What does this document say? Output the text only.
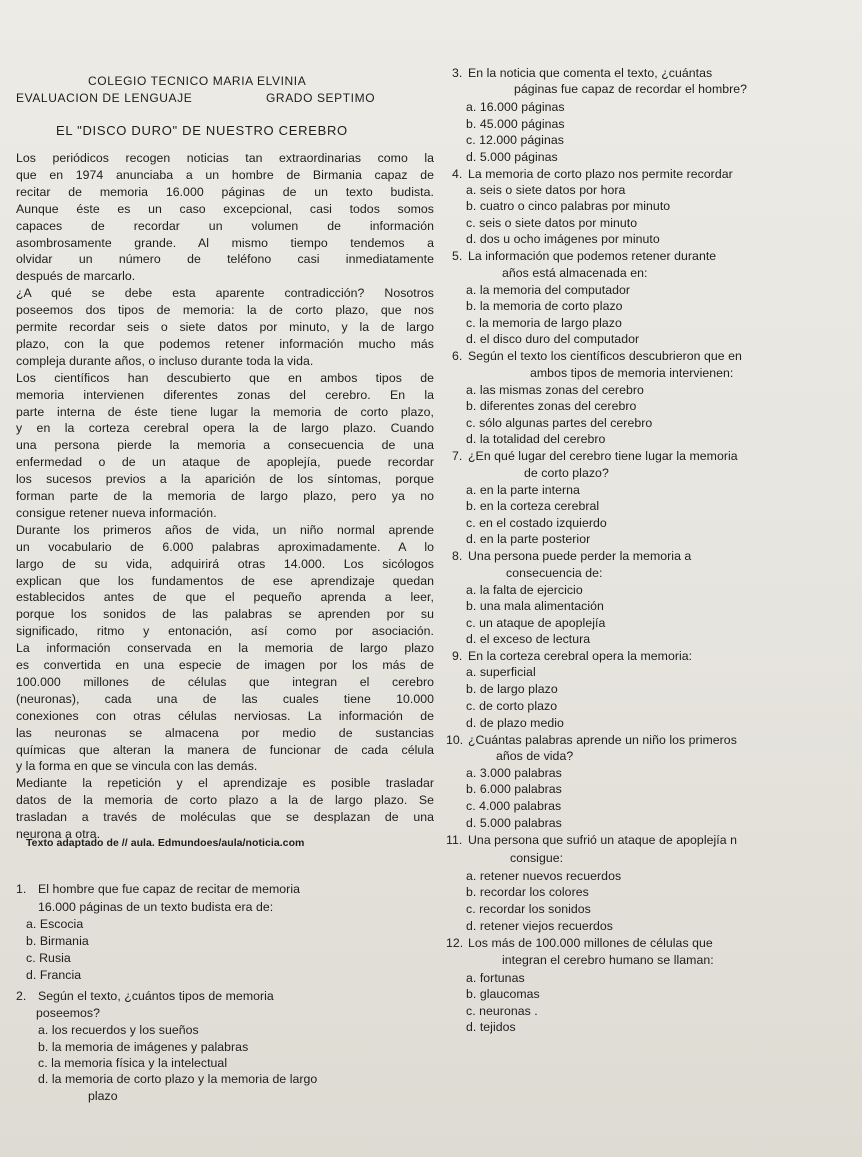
COLEGIO TECNICO MARIA ELVINIA
EVALUACION DE LENGUAJE	GRADO SEPTIMO
EL "DISCO DURO" DE NUESTRO CEREBRO
Los periódicos recogen noticias tan extraordinarias como la
que en 1974 anunciaba a un hombre de Birmania capaz de
recitar de memoria 16.000 páginas de un texto budista.
Aunque éste es un caso excepcional, casi todos somos
capaces de recordar un volumen de información
asombrosamente grande. Al mismo tiempo tendemos a
olvidar un número de teléfono casi inmediatamente
después de marcarlo.
¿A qué se debe esta aparente contradicción? Nosotros
poseemos dos tipos de memoria: la de corto plazo, que nos
permite recordar seis o siete datos por minuto, y la de largo
plazo, con la que podemos retener información mucho más
compleja durante años, o incluso durante toda la vida.
Los científicos han descubierto que en ambos tipos de
memoria intervienen diferentes zonas del cerebro. En la
parte interna de éste tiene lugar la memoria de corto plazo,
y en la corteza cerebral opera la de largo plazo. Cuando
una persona pierde la memoria a consecuencia de una
enfermedad o de un ataque de apoplejía, puede recordar
los sucesos previos a la aparición de los síntomas, porque
forman parte de la memoria de largo plazo, pero ya no
consigue retener nueva información.
Durante los primeros años de vida, un niño normal aprende
un vocabulario de 6.000 palabras aproximadamente. A lo
largo de su vida, adquirirá otras 14.000. Los sicólogos
explican que los fundamentos de ese aprendizaje quedan
establecidos antes de que el pequeño aprenda a leer,
porque los sonidos de las palabras se aprenden por su
significado, ritmo y entonación, así como por asociación.
La información conservada en la memoria de largo plazo
es convertida en una especie de imagen por los más de
100.000 millones de células que integran el cerebro
(neuronas), cada una de las cuales tiene 10.000
conexiones con otras células nerviosas. La información de
las neuronas se almacena por medio de sustancias
químicas que alteran la manera de funcionar de cada célula
y la forma en que se vincula con las demás.
Mediante la repetición y el aprendizaje es posible trasladar
datos de la memoria de corto plazo a la de largo plazo. Se
trasladan a través de moléculas que se desplazan de una
neurona a otra.
Texto adaptado de // aula. Edmundoes/aula/noticia.com
1. El hombre que fue capaz de recitar de memoria
16.000 páginas de un texto budista era de:
a. Escocia
b. Birmania
c. Rusia
d. Francia
2. Según el texto, ¿cuántos tipos de memoria
poseemos?
a. los recuerdos y los sueños
b. la memoria de imágenes y palabras
c. la memoria física y la intelectual
d. la memoria de corto plazo y la memoria de largo
plazo
3. En la noticia que comenta el texto, ¿cuántas
páginas fue capaz de recordar el hombre?
a. 16.000 páginas
b. 45.000 páginas
c. 12.000 páginas
d. 5.000 páginas
4. La memoria de corto plazo nos permite recordar
a. seis o siete datos por hora
b. cuatro o cinco palabras por minuto
c. seis o siete datos por minuto
d. dos u ocho imágenes por minuto
5. La información que podemos retener durante
años está almacenada en:
a. la memoria del computador
b. la memoria de corto plazo
c. la memoria de largo plazo
d. el disco duro del computador
6. Según el texto los científicos descubrieron que en
ambos tipos de memoria intervienen:
a. las mismas zonas del cerebro
b. diferentes zonas del cerebro
c. sólo algunas partes del cerebro
d. la totalidad del cerebro
7. ¿En qué lugar del cerebro tiene lugar la memoria
de corto plazo?
a. en la parte interna
b. en la corteza cerebral
c. en el costado izquierdo
d. en la parte posterior
8. Una persona puede perder la memoria a
consecuencia de:
a. la falta de ejercicio
b. una mala alimentación
c. un ataque de apoplejía
d. el exceso de lectura
9. En la corteza cerebral opera la memoria:
a. superficial
b. de largo plazo
c. de corto plazo
d. de plazo medio
10. ¿Cuántas palabras aprende un niño los primeros
años de vida?
a. 3.000 palabras
b. 6.000 palabras
c. 4.000 palabras
d. 5.000 palabras
11. Una persona que sufrió un ataque de apoplejía n
consigue:
a. retener nuevos recuerdos
b. recordar los colores
c. recordar los sonidos
d. retener viejos recuerdos
12. Los más de 100.000 millones de células que
integran el cerebro humano se llaman:
a. fortunas
b. glaucomas
c. neuronas .
d. tejidos
